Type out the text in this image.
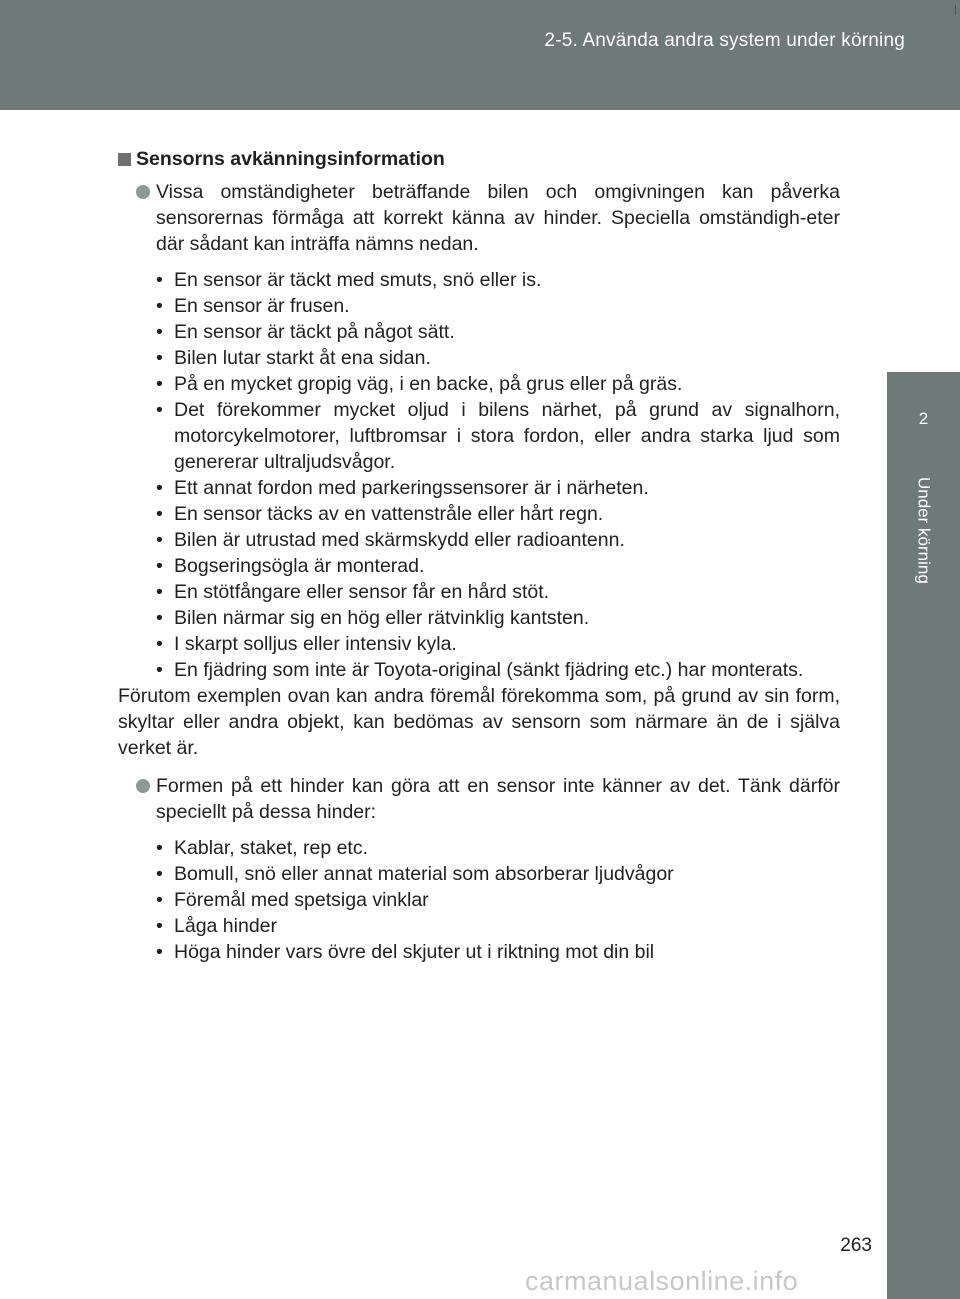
2-5. Använda andra system under körning
2
Under körning
Sensorns avkänningsinformation
Vissa omständigheter beträffande bilen och omgivningen kan påverka sensorernas förmåga att korrekt känna av hinder. Speciella omständigh-eter där sådant kan inträffa nämns nedan.
• En sensor är täckt med smuts, snö eller is.
• En sensor är frusen.
• En sensor är täckt på något sätt.
• Bilen lutar starkt åt ena sidan.
• På en mycket gropig väg, i en backe, på grus eller på gräs.
• Det förekommer mycket oljud i bilens närhet, på grund av signalhorn, motorcykelmotorer, luftbromsar i stora fordon, eller andra starka ljud som genererar ultraljudsvågor.
• Ett annat fordon med parkeringssensorer är i närheten.
• En sensor täcks av en vattenstråle eller hårt regn.
• Bilen är utrustad med skärmskydd eller radioantenn.
• Bogseringsögla är monterad.
• En stötfångare eller sensor får en hård stöt.
• Bilen närmar sig en hög eller rätvinklig kantsten.
• I skarpt solljus eller intensiv kyla.
• En fjädring som inte är Toyota-original (sänkt fjädring etc.) har monterats.

Förutom exemplen ovan kan andra föremål förekomma som, på grund av sin form, skyltar eller andra objekt, kan bedömas av sensorn som närmare än de i själva verket är.

Formen på ett hinder kan göra att en sensor inte känner av det. Tänk därför speciellt på dessa hinder:
• Kablar, staket, rep etc.
• Bomull, snö eller annat material som absorberar ljudvågor
• Föremål med spetsiga vinklar
• Låga hinder
• Höga hinder vars övre del skjuter ut i riktning mot din bil
263
carmanualsonline.info
